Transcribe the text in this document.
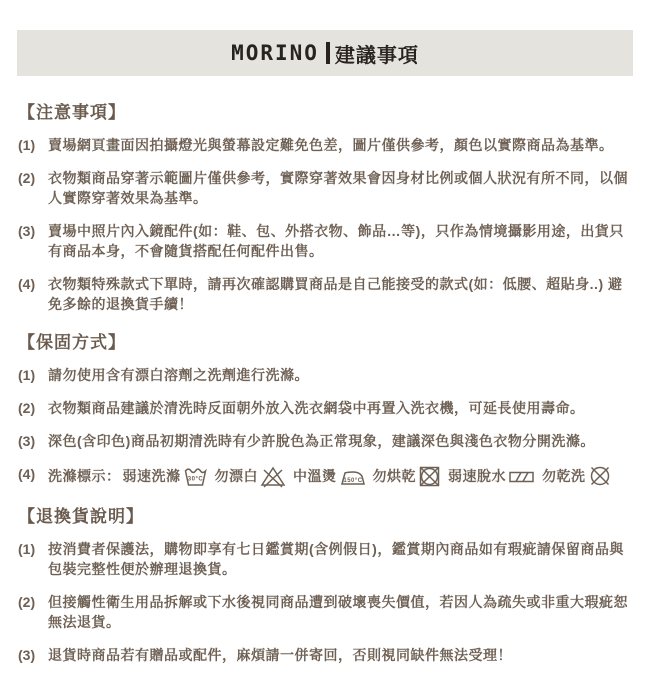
MORINO 建議事項
【注意事項】
(1) 賣場網頁畫面因拍攝燈光與螢幕設定難免色差，圖片僅供參考，顏色以實際商品為基準。
(2) 衣物類商品穿著示範圖片僅供參考，實際穿著效果會因身材比例或個人狀況有所不同，以個人實際穿著效果為基準。
(3) 賣場中照片內入鏡配件(如：鞋、包、外搭衣物、飾品…等)，只作為情境攝影用途，出貨只有商品本身，不會隨貨搭配任何配件出售。
(4) 衣物類特殊款式下單時，請再次確認購買商品是自己能接受的款式(如：低腰、超貼身..) 避免多餘的退換貨手續！
【保固方式】
(1) 請勿使用含有漂白溶劑之洗劑進行洗滌。
(2) 衣物類商品建議於清洗時反面朝外放入洗衣網袋中再置入洗衣機，可延長使用壽命。
(3) 深色(含印色)商品初期清洗時有少許脫色為正常現象，建議深色與淺色衣物分開洗滌。
(4) 洗滌標示： 弱速洗滌 30°C 勿漂白	中溫燙 150°C 勿烘乾 弱速脫水	勿乾洗
【退換貨說明】
(1) 按消費者保護法，購物即享有七日鑑賞期(含例假日)，鑑賞期內商品如有瑕疵請保留商品與包裝完整性便於辦理退換貨。
(2) 但接觸性衛生用品拆解或下水後視同商品遭到破壞喪失價值，若因人為疏失或非重大瑕疵恕無法退貨。
(3) 退貨時商品若有贈品或配件，麻煩請一併寄回，否則視同缺件無法受理！
